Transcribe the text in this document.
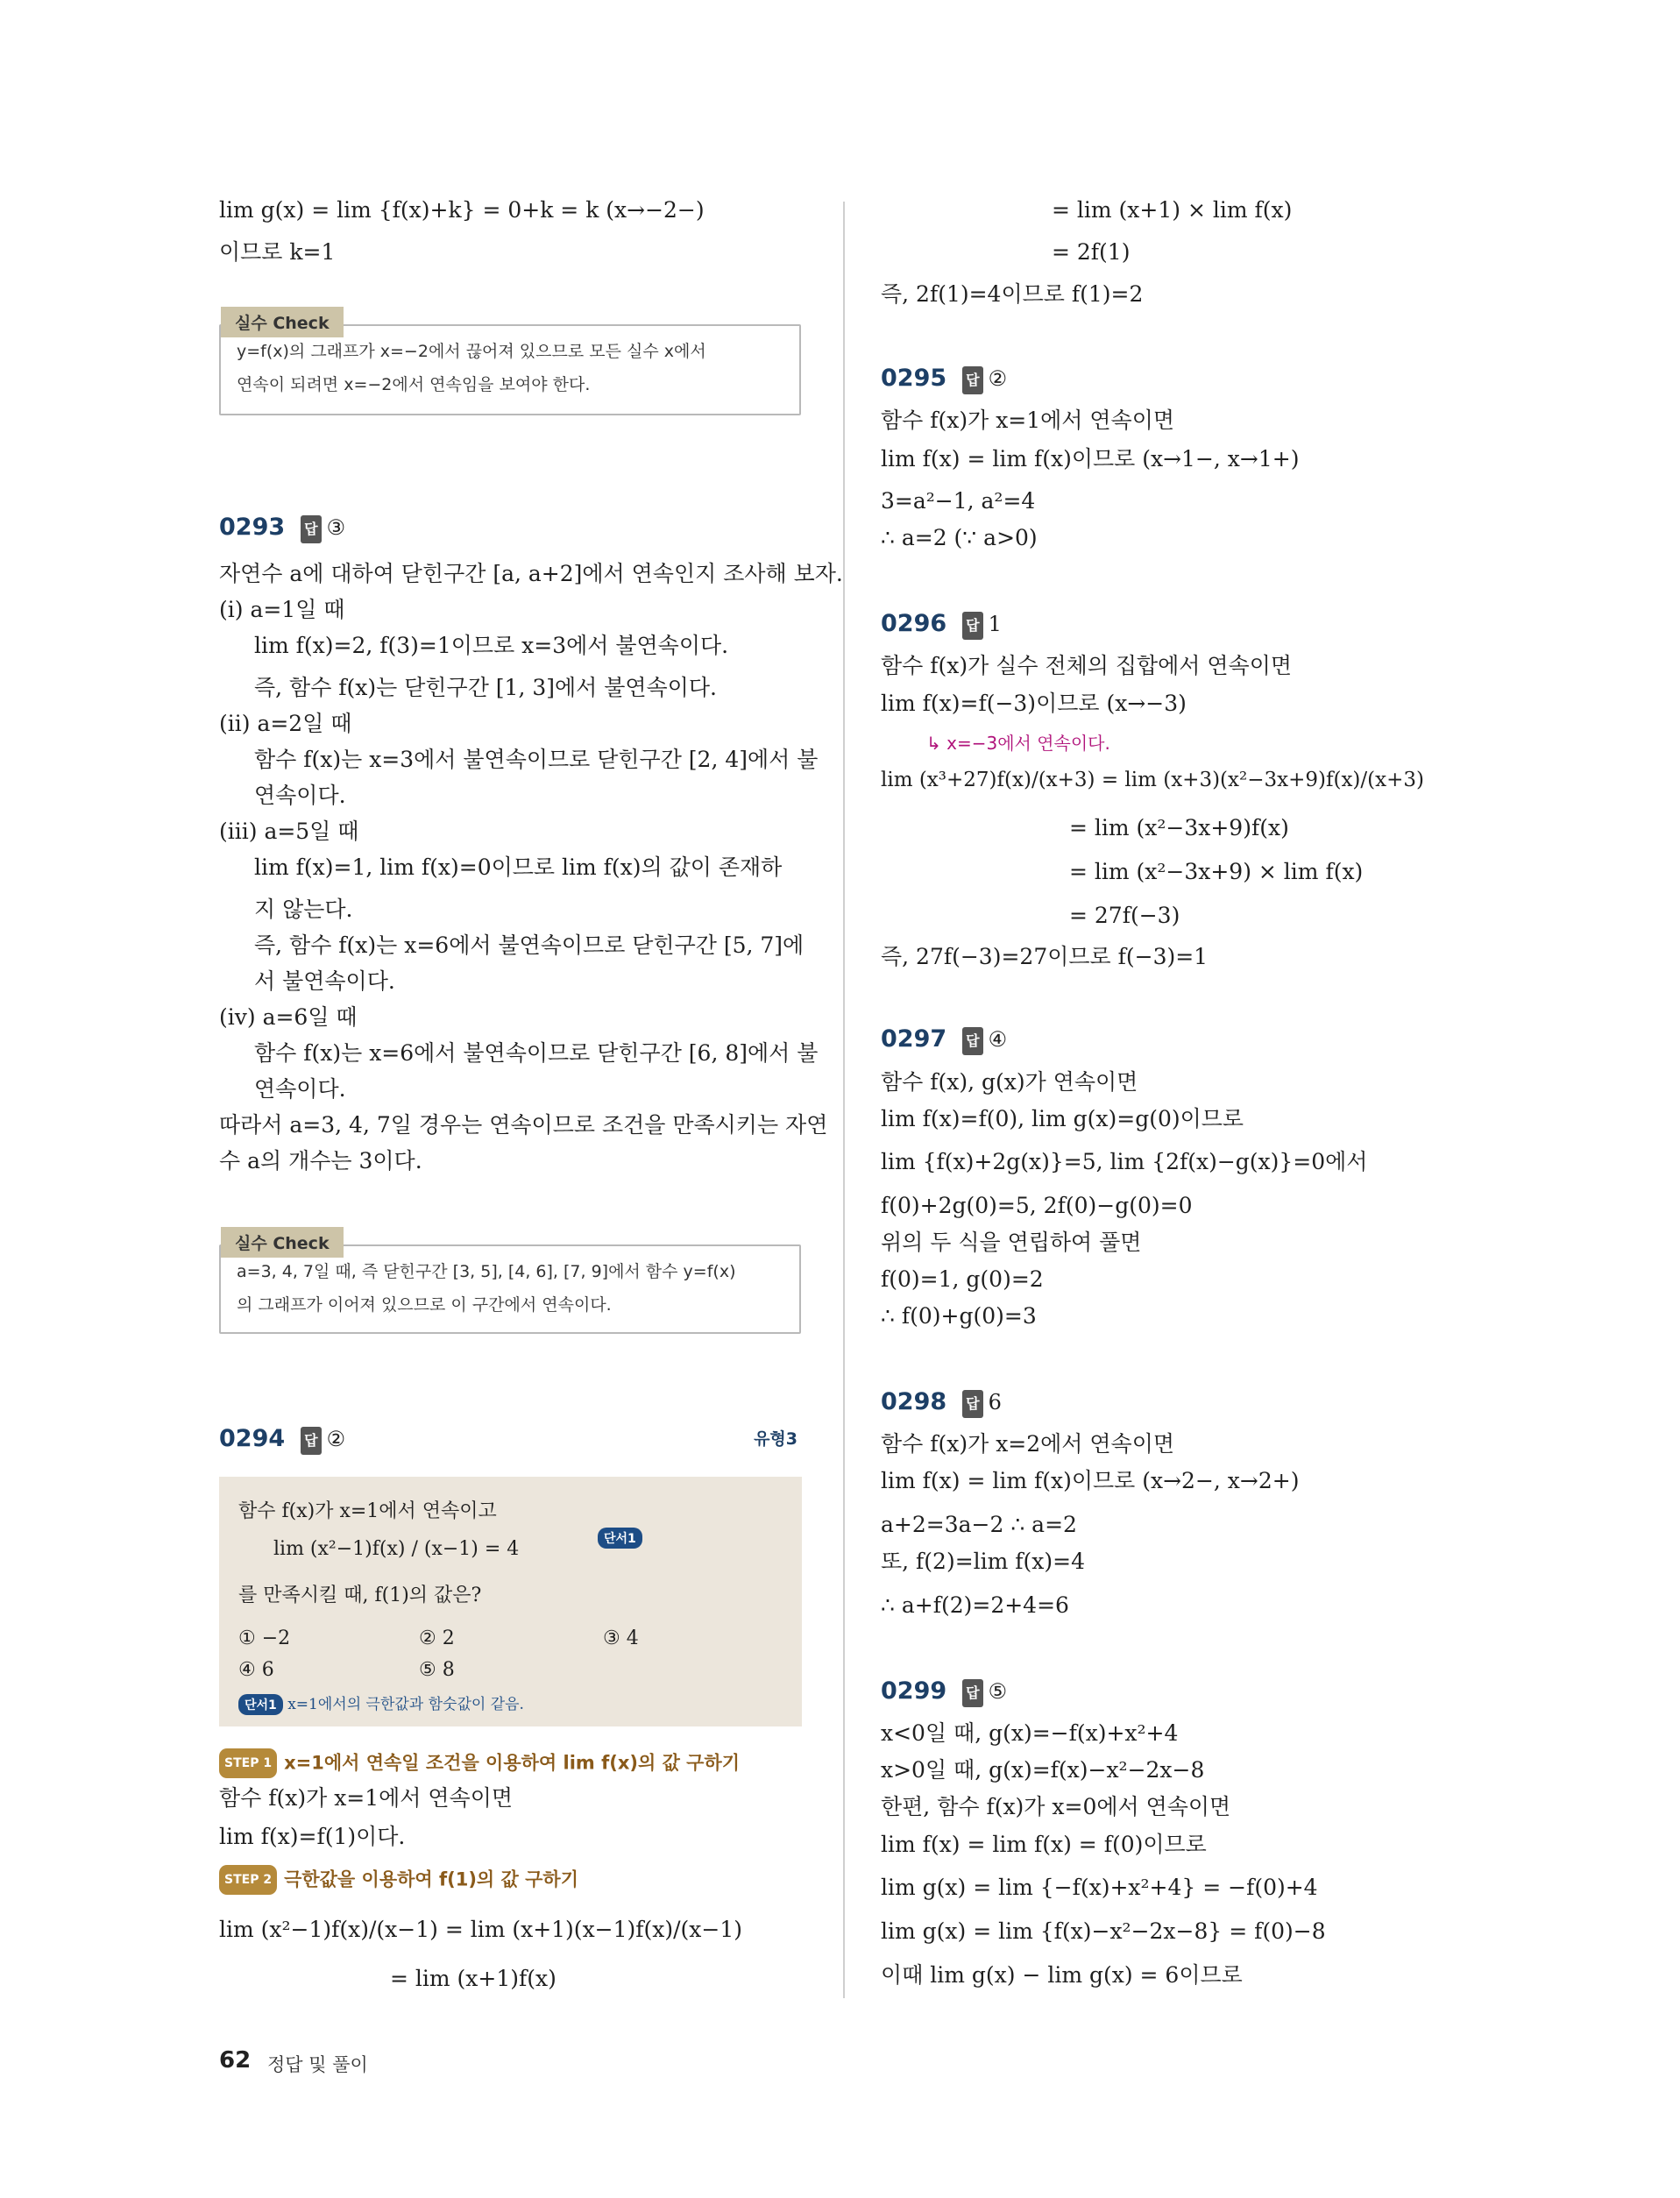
lim g(x) = lim {f(x)+k} = 0+k = k (x→−2−)
이므로 k=1
실수 Check
y=f(x)의 그래프가 x=−2에서 끊어져 있으므로 모든 실수 x에서
연속이 되려면 x=−2에서 연속임을 보여야 한다.
0293 답 ③
자연수 a에 대하여 닫힌구간 [a, a+2]에서 연속인지 조사해 보자.
(i) a=1일 때
lim f(x)=2, f(3)=1이므로 x=3에서 불연속이다.
즉, 함수 f(x)는 닫힌구간 [1, 3]에서 불연속이다.
(ii) a=2일 때
함수 f(x)는 x=3에서 불연속이므로 닫힌구간 [2, 4]에서 불
연속이다.
(iii) a=5일 때
lim f(x)=1, lim f(x)=0이므로 lim f(x)의 값이 존재하
지 않는다.
즉, 함수 f(x)는 x=6에서 불연속이므로 닫힌구간 [5, 7]에
서 불연속이다.
(iv) a=6일 때
함수 f(x)는 x=6에서 불연속이므로 닫힌구간 [6, 8]에서 불
연속이다.
따라서 a=3, 4, 7일 경우는 연속이므로 조건을 만족시키는 자연
수 a의 개수는 3이다.
실수 Check
a=3, 4, 7일 때, 즉 닫힌구간 [3, 5], [4, 6], [7, 9]에서 함수 y=f(x)
의 그래프가 이어져 있으므로 이 구간에서 연속이다.
0294 답 ②	유형3
함수 f(x)가 x=1에서 연속이고
lim (x²−1)f(x) / (x−1) = 4	단서1
를 만족시킬 때, f(1)의 값은?
① −2	② 2	③ 4
④ 6	⑤ 8
단서1 x=1에서의 극한값과 함숫값이 같음.
STEP 1 x=1에서 연속일 조건을 이용하여 lim f(x)의 값 구하기
함수 f(x)가 x=1에서 연속이면
lim f(x)=f(1)이다.
STEP 2 극한값을 이용하여 f(1)의 값 구하기
lim (x²−1)f(x)/(x−1) = lim (x+1)(x−1)f(x)/(x−1)
= lim (x+1)f(x)
= lim (x+1) × lim f(x)
= 2f(1)
즉, 2f(1)=4이므로 f(1)=2
0295 답 ②
함수 f(x)가 x=1에서 연속이면
lim f(x) = lim f(x)이므로 (x→1−, x→1+)
3=a²−1, a²=4
∴ a=2 (∵ a>0)
0296 답 1
함수 f(x)가 실수 전체의 집합에서 연속이면
lim f(x)=f(−3)이므로 (x→−3)
↳ x=−3에서 연속이다.
lim (x³+27)f(x)/(x+3) = lim (x+3)(x²−3x+9)f(x)/(x+3)
= lim (x²−3x+9)f(x)
= lim (x²−3x+9) × lim f(x)
= 27f(−3)
즉, 27f(−3)=27이므로 f(−3)=1
0297 답 ④
함수 f(x), g(x)가 연속이면
lim f(x)=f(0), lim g(x)=g(0)이므로
lim {f(x)+2g(x)}=5, lim {2f(x)−g(x)}=0에서
f(0)+2g(0)=5, 2f(0)−g(0)=0
위의 두 식을 연립하여 풀면
f(0)=1, g(0)=2
∴ f(0)+g(0)=3
0298 답 6
함수 f(x)가 x=2에서 연속이면
lim f(x) = lim f(x)이므로 (x→2−, x→2+)
a+2=3a−2 ∴ a=2
또, f(2)=lim f(x)=4
∴ a+f(2)=2+4=6
0299 답 ⑤
x<0일 때, g(x)=−f(x)+x²+4
x>0일 때, g(x)=f(x)−x²−2x−8
한편, 함수 f(x)가 x=0에서 연속이면
lim f(x) = lim f(x) = f(0)이므로
lim g(x) = lim {−f(x)+x²+4} = −f(0)+4
lim g(x) = lim {f(x)−x²−2x−8} = f(0)−8
이때 lim g(x) − lim g(x) = 6이므로
62 정답 및 풀이
